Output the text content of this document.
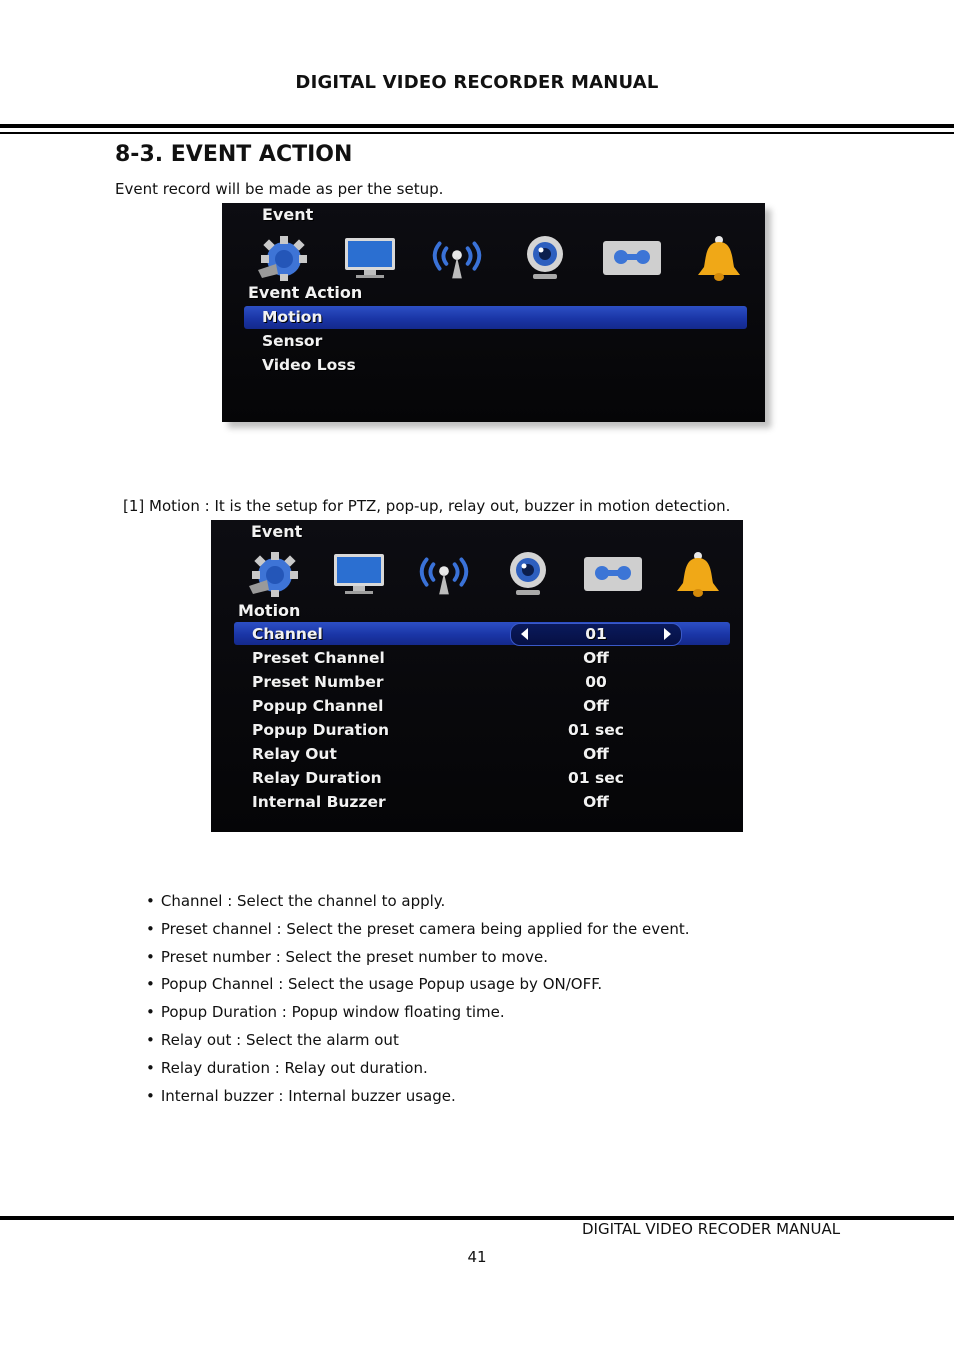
DIGITAL VIDEO RECORDER MANUAL
8-3. EVENT ACTION
Event record will be made as per the setup.
Event
Event Action
Motion
Sensor
Video Loss
[1] Motion : It is the setup for PTZ, pop-up, relay out, buzzer in motion detection.
Event
Motion
Channel	01
Preset Channel	Off
Preset Number	00
Popup Channel	Off
Popup Duration	01 sec
Relay Out	Off
Relay Duration	01 sec
Internal Buzzer	Off
• Channel : Select the channel to apply.
• Preset channel : Select the preset camera being applied for the event.
• Preset number : Select the preset number to move.
• Popup Channel : Select the usage Popup usage by ON/OFF.
• Popup Duration : Popup window floating time.
• Relay out : Select the alarm out
• Relay duration : Relay out duration.
• Internal buzzer : Internal buzzer usage.
DIGITAL VIDEO RECODER MANUAL
41
